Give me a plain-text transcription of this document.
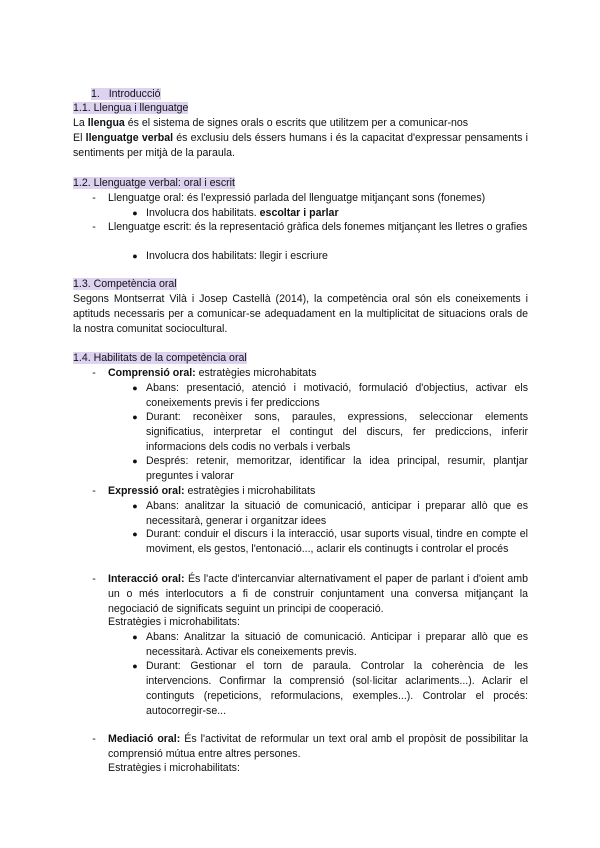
1. Introducció
1.1. Llengua i llenguatge
La llengua és el sistema de signes orals o escrits que utilitzem per a comunicar-nos
El llenguatge verbal és exclusiu dels éssers humans i és la capacitat d'expressar pensaments i sentiments per mitjà de la paraula.
1.2. Llenguatge verbal: oral i escrit
-	Llenguatge oral: és l'expressió parlada del llenguatge mitjançant sons (fonemes)
● Involucra dos habilitats. escoltar i parlar
-	Llenguatge escrit: és la representació gràfica dels fonemes mitjançant les lletres o grafies
● Involucra dos habilitats: llegir i escriure
1.3. Competència oral
Segons Montserrat Vilà i Josep Castellà (2014), la competència oral són els coneixements i aptituds necessaris per a comunicar-se adequadament en la multiplicitat de situacions orals de la nostra comunitat sociocultural.
1.4. Habilitats de la competència oral
-	Comprensió oral: estratègies microhabitats
● Abans: presentació, atenció i motivació, formulació d'objectius, activar els coneixements previs i fer prediccions
● Durant: reconèixer sons, paraules, expressions, seleccionar elements significatius, interpretar el contingut del discurs, fer prediccions, inferir informacions dels codis no verbals i verbals
● Després: retenir, memoritzar, identificar la idea principal, resumir, plantjar preguntes i valorar
-	Expressió oral: estratègies i microhabilitats
● Abans: analitzar la situació de comunicació, anticipar i preparar allò que es necessitarà, generar i organitzar idees
● Durant: conduir el discurs i la interacció, usar suports visual, tindre en compte el moviment, els gestos, l'entonació..., aclarir els continugts i controlar el procés
-	Interacció oral: És l'acte d'intercanviar alternativament el paper de parlant i d'oient amb un o més interlocutors a fi de construir conjuntament una conversa mitjançant la negociació de significats seguint un principi de cooperació.
Estratègies i microhabilitats:
● Abans: Analitzar la situació de comunicació. Anticipar i preparar allò que es necessitarà. Activar els coneixements previs.
● Durant: Gestionar el torn de paraula. Controlar la coherència de les intervencions. Confirmar la comprensió (sol·licitar aclariments...). Aclarir el continguts (repeticions, reformulacions, exemples...). Controlar el procés: autocorregir-se...
-	Mediació oral: És l'activitat de reformular un text oral amb el propòsit de possibilitar la comprensió mútua entre altres persones.
Estratègies i microhabilitats:
